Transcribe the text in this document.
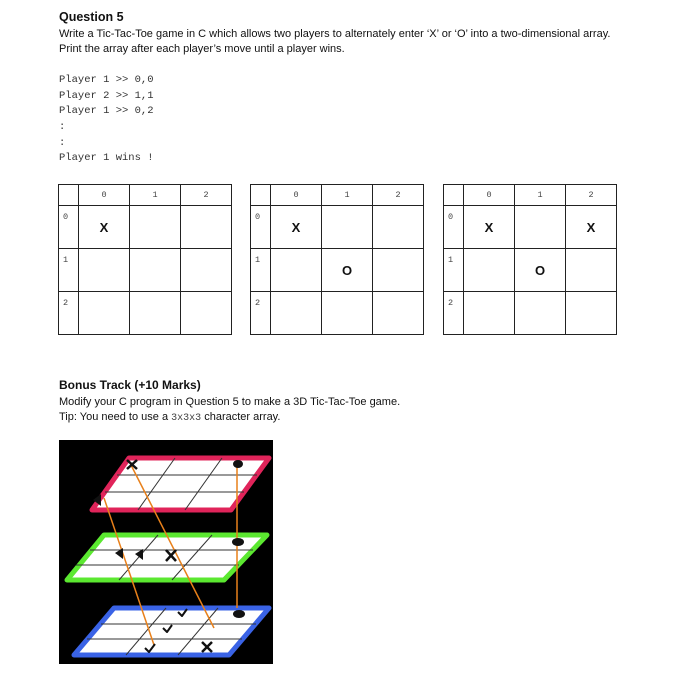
Question 5
Write a Tic-Tac-Toe game in C which allows two players to alternately enter ‘X’ or ‘O’ into a two-dimensional array. Print the array after each player’s move until a player wins.
Player 1 >> 0,0
Player 2 >> 1,1
Player 1 >> 0,2
:
:
Player 1 wins !
	0	1	2
0	X		
1			
2			
	0	1	2
0	X		
1		O	
2			
	0	1	2
0	X		X
1		O	
2			
Bonus Track (+10 Marks)
Modify your C program in Question 5 to make a 3D Tic-Tac-Toe game.
Tip: You need to use a 3x3x3 character array.
